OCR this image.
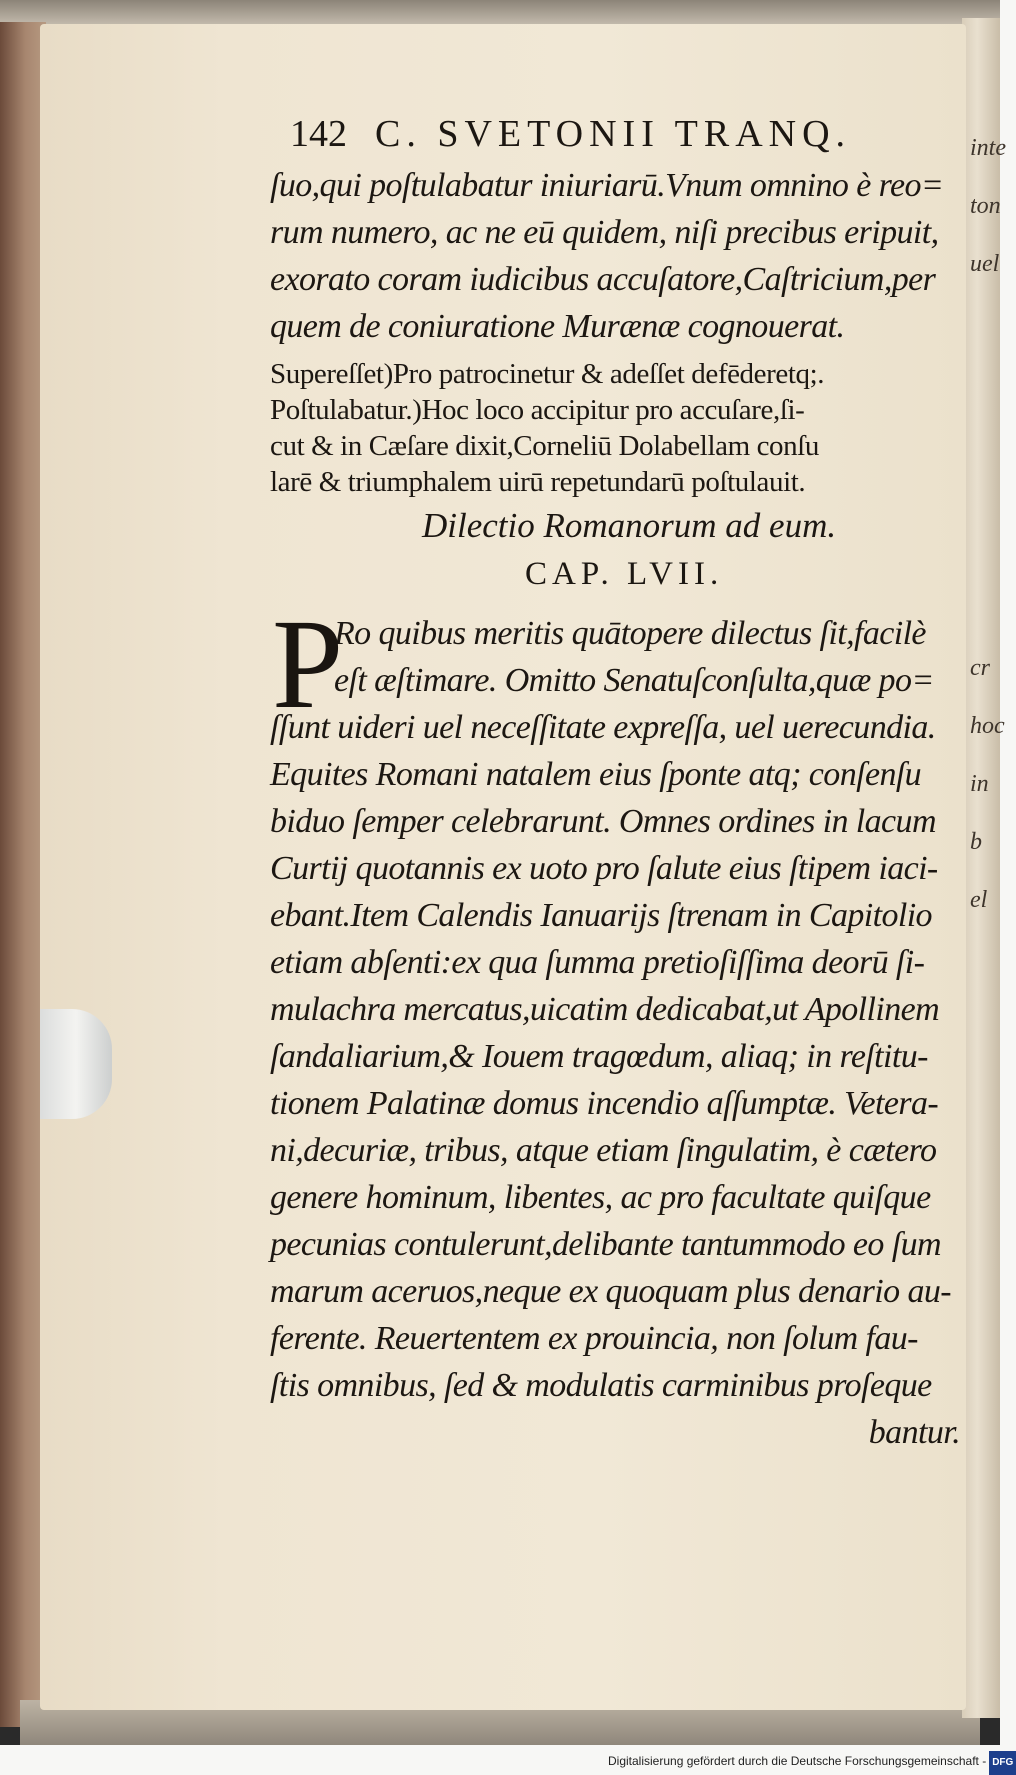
inte
ton
uel
cr
hoc
in
b
el
142 C. SVETONII TRANQ.

ſuo,qui poſtulabatur iniuriarū.Vnum omnino è reo=

rum numero, ac ne eū quidem, niſi precibus eripuit,

exorato coram iudicibus accuſatore,Caſtricium,per

quem de coniuratione Murænæ cognouerat.

Supereſſet)Pro patrocinetur & adeſſet defēderetq;.

Poſtulabatur.)Hoc loco accipitur pro accuſare,ſi-

cut & in Cæſare dixit,Corneliū Dolabellam conſu

larē & triumphalem uirū repetundarū poſtulauit.

Dilectio Romanorum ad eum.
CAP. LVII.
P

Ro quibus meritis quātopere dilectus ſit,facilè

eſt æſtimare. Omitto Senatuſconſulta,quæ po=

ſſunt uideri uel neceſſitate expreſſa, uel uerecundia.

Equites Romani natalem eius ſponte atq; conſenſu

biduo ſemper celebrarunt. Omnes ordines in lacum

Curtij quotannis ex uoto pro ſalute eius ſtipem iaci-

ebant.Item Calendis Ianuarijs ſtrenam in Capitolio

etiam abſenti:ex qua ſumma pretioſiſſima deorū ſi-

mulachra mercatus,uicatim dedicabat,ut Apollinem

ſandaliarium,& Iouem tragœdum, aliaq; in reſtitu-

tionem Palatinæ domus incendio aſſumptæ. Vetera-

ni,decuriæ, tribus, atque etiam ſingulatim, è cætero

genere hominum, libentes, ac pro facultate quiſque

pecunias contulerunt,delibante tantummodo eo ſum

marum aceruos,neque ex quoquam plus denario au-

ferente. Reuertentem ex prouincia, non ſolum fau-

ſtis omnibus, ſed & modulatis carminibus proſeque

bantur.

Digitalisierung gefördert durch die Deutsche Forschungsgemeinschaft - DFG
